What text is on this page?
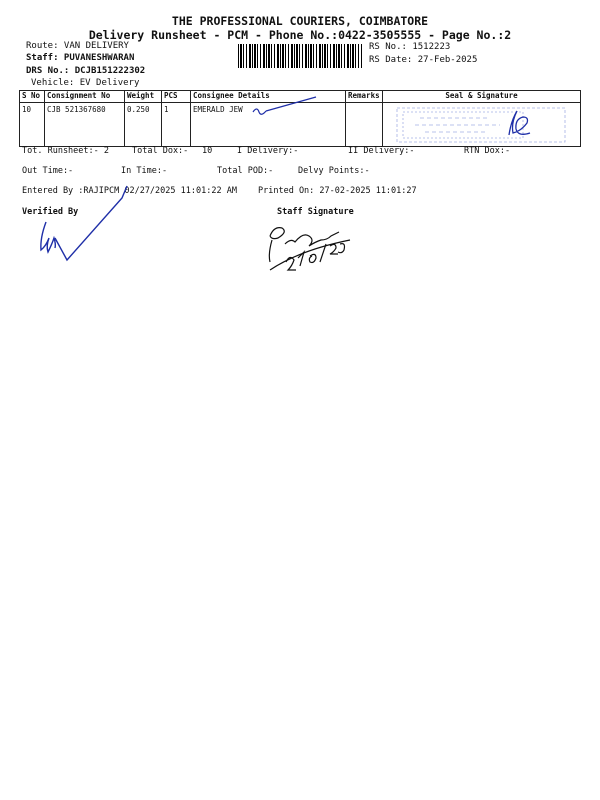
THE PROFESSIONAL COURIERS, COIMBATORE
Delivery Runsheet - PCM - Phone No.:0422-3505555 - Page No.:2
Route: VAN DELIVERY
Staff: PUVANESHWARAN
DRS No.: DCJB151222302
Vehicle: EV Delivery
RS No.: 1512223
RS Date: 27-Feb-2025
S No	Consignment No	Weight	PCS	Consignee Details	Remarks	Seal & Signature
10	CJB 521367680	0.250	1	EMERALD JEW		
Tot. Runsheet:- 2	Total Dox:- 10	I Delivery:-	II Delivery:-	RTN Dox:-
Out Time:-	In Time:-	Total POD:-	Delvy Points:-
Entered By :RAJIPCM 02/27/2025 11:01:22 AM Printed On: 27-02-2025 11:01:27
Verified By	Staff Signature
